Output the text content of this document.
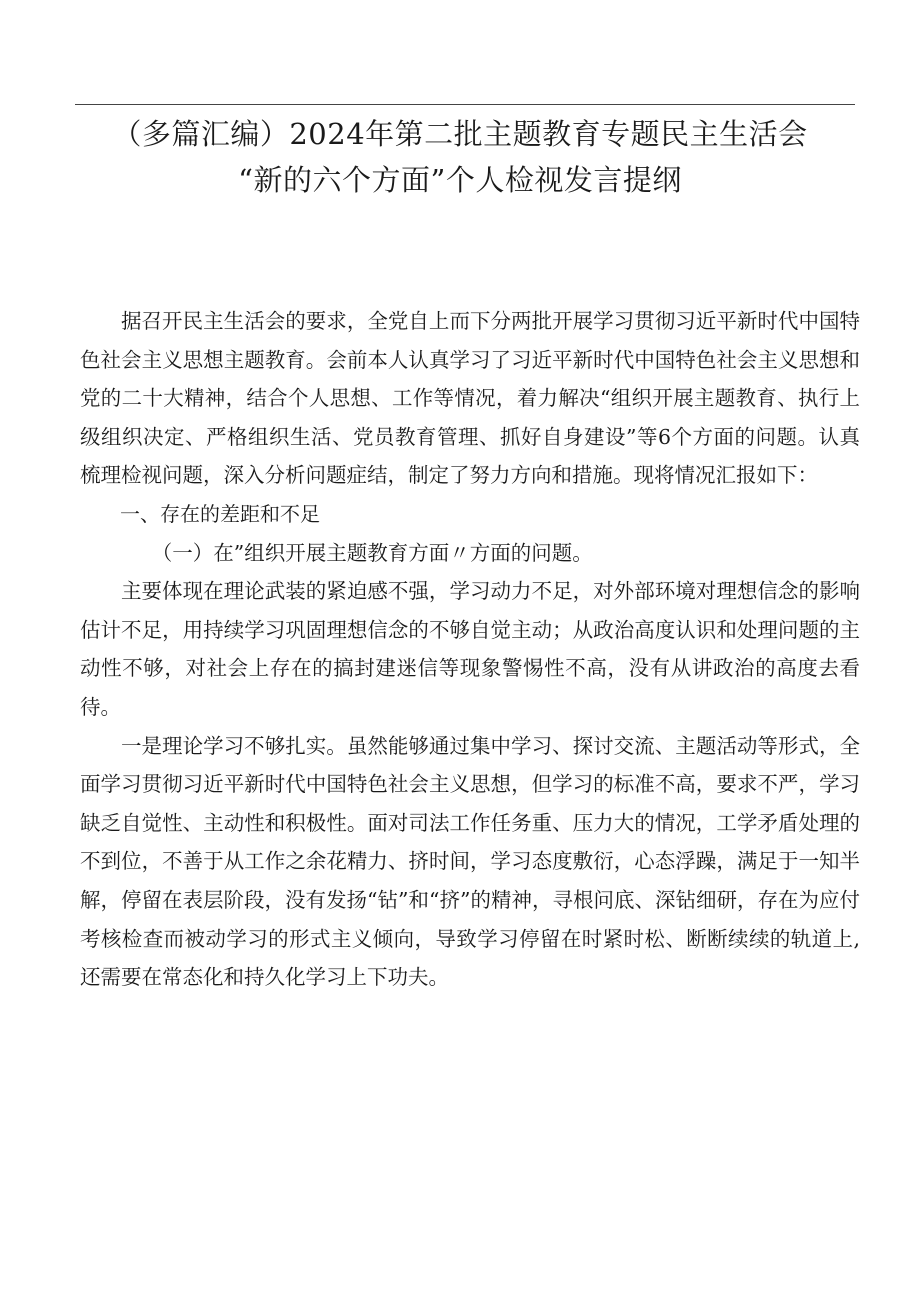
（多篇汇编）2024年第二批主题教育专题民主生活会
“新的六个方面”个人检视发言提纲

据召开民主生活会的要求，全党自上而下分两批开展学习贯彻习近平新时代中国特色社会主义思想主题教育。会前本人认真学习了习近平新时代中国特色社会主义思想和党的二十大精神，结合个人思想、工作等情况，着力解决“组织开展主题教育、执行上级组织决定、严格组织生活、党员教育管理、抓好自身建设”等6个方面的问题。认真梳理检视问题，深入分析问题症结，制定了努力方向和措施。现将情况汇报如下：

一、存在的差距和不足

（一）在”组织开展主题教育方面〃方面的问题。

主要体现在理论武装的紧迫感不强，学习动力不足，对外部环境对理想信念的影响估计不足，用持续学习巩固理想信念的不够自觉主动；从政治高度认识和处理问题的主动性不够，对社会上存在的搞封建迷信等现象警惕性不高，没有从讲政治的高度去看待。

一是理论学习不够扎实。虽然能够通过集中学习、探讨交流、主题活动等形式，全面学习贯彻习近平新时代中国特色社会主义思想，但学习的标准不高，要求不严，学习缺乏自觉性、主动性和积极性。面对司法工作任务重、压力大的情况，工学矛盾处理的不到位，不善于从工作之余花精力、挤时间，学习态度敷衍，心态浮躁，满足于一知半解，停留在表层阶段，没有发扬“钻”和“挤”的精神，寻根问底、深钻细研，存在为应付考核检查而被动学习的形式主义倾向，导致学习停留在时紧时松、断断续续的轨道上,还需要在常态化和持久化学习上下功夫。
